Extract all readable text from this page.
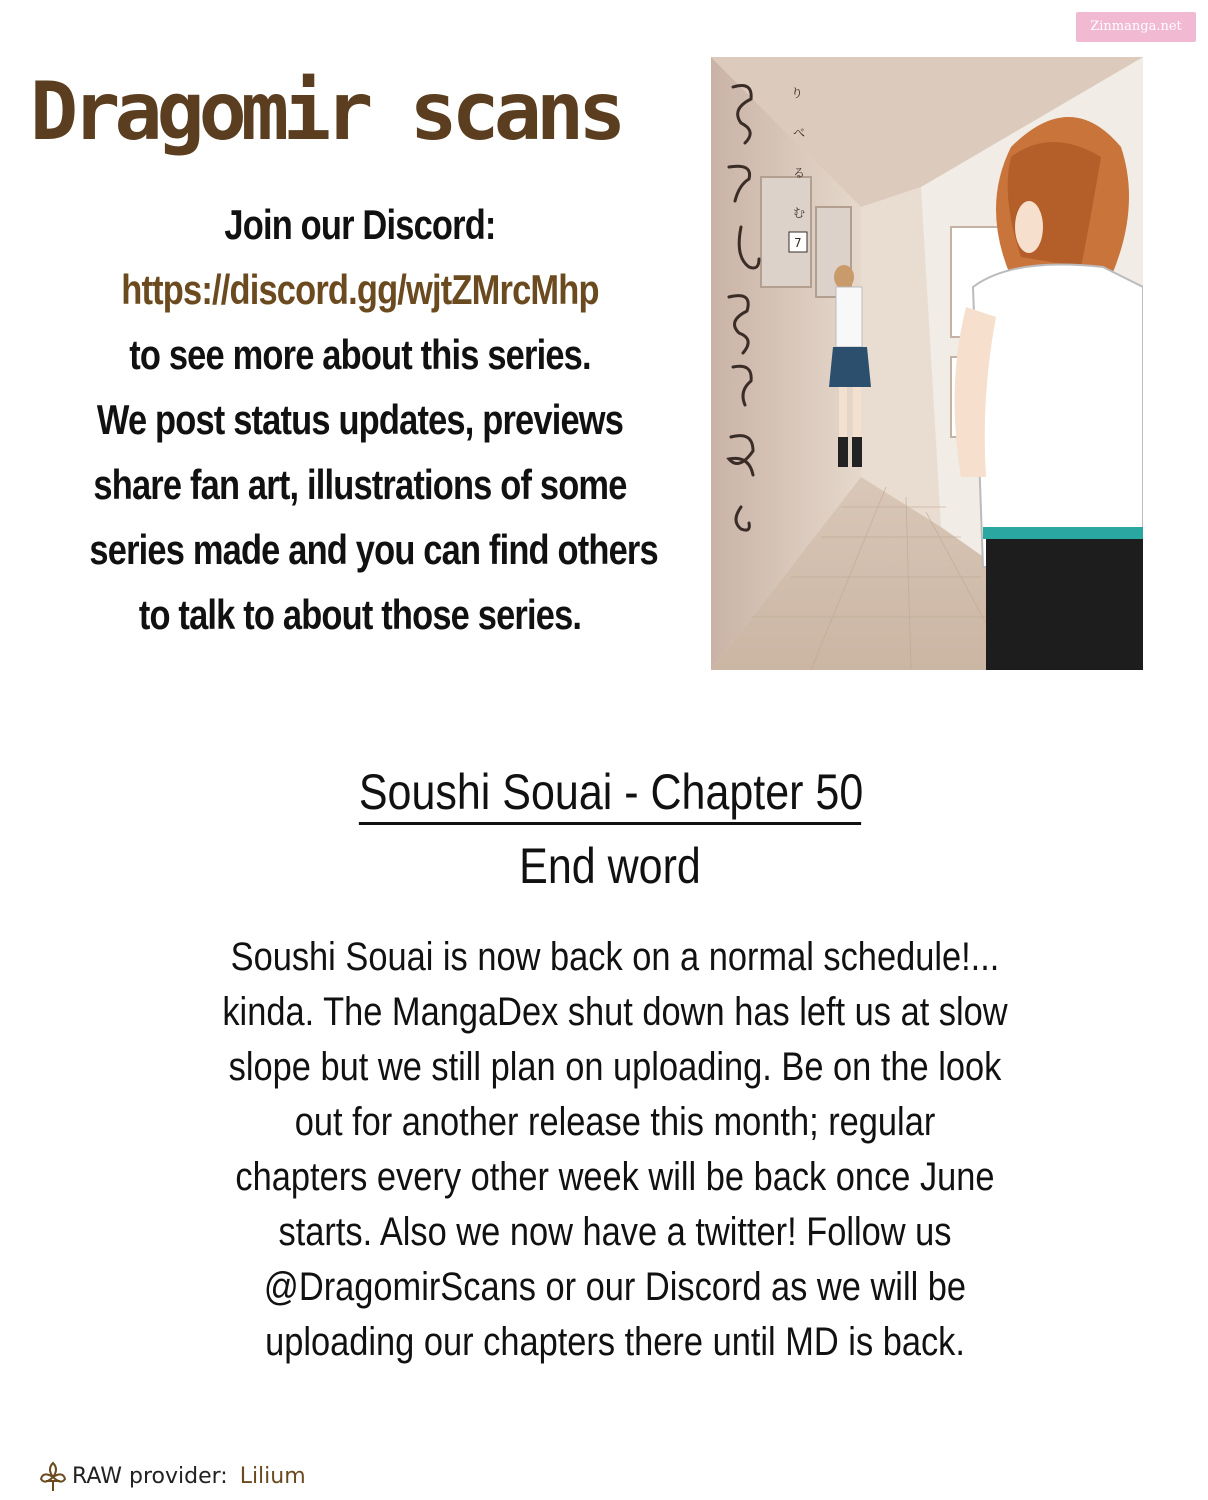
Zinmanga.net
Dragomir scans
Join our Discord:
https://discord.gg/wjtZMrcMhp
to see more about this series.
We post status updates, previews
share fan art, illustrations of some
series made and you can find others
to talk to about those series.
り
べ
る
む
7
Soushi Souai - Chapter 50
End word
Soushi Souai is now back on a normal schedule!...
kinda. The MangaDex shut down has left us at slow
slope but we still plan on uploading. Be on the look
out for another release this month; regular
chapters every other week will be back once June
starts. Also we now have a twitter! Follow us
@DragomirScans or our Discord as we will be
uploading our chapters there until MD is back.
RAW provider: Lilium
